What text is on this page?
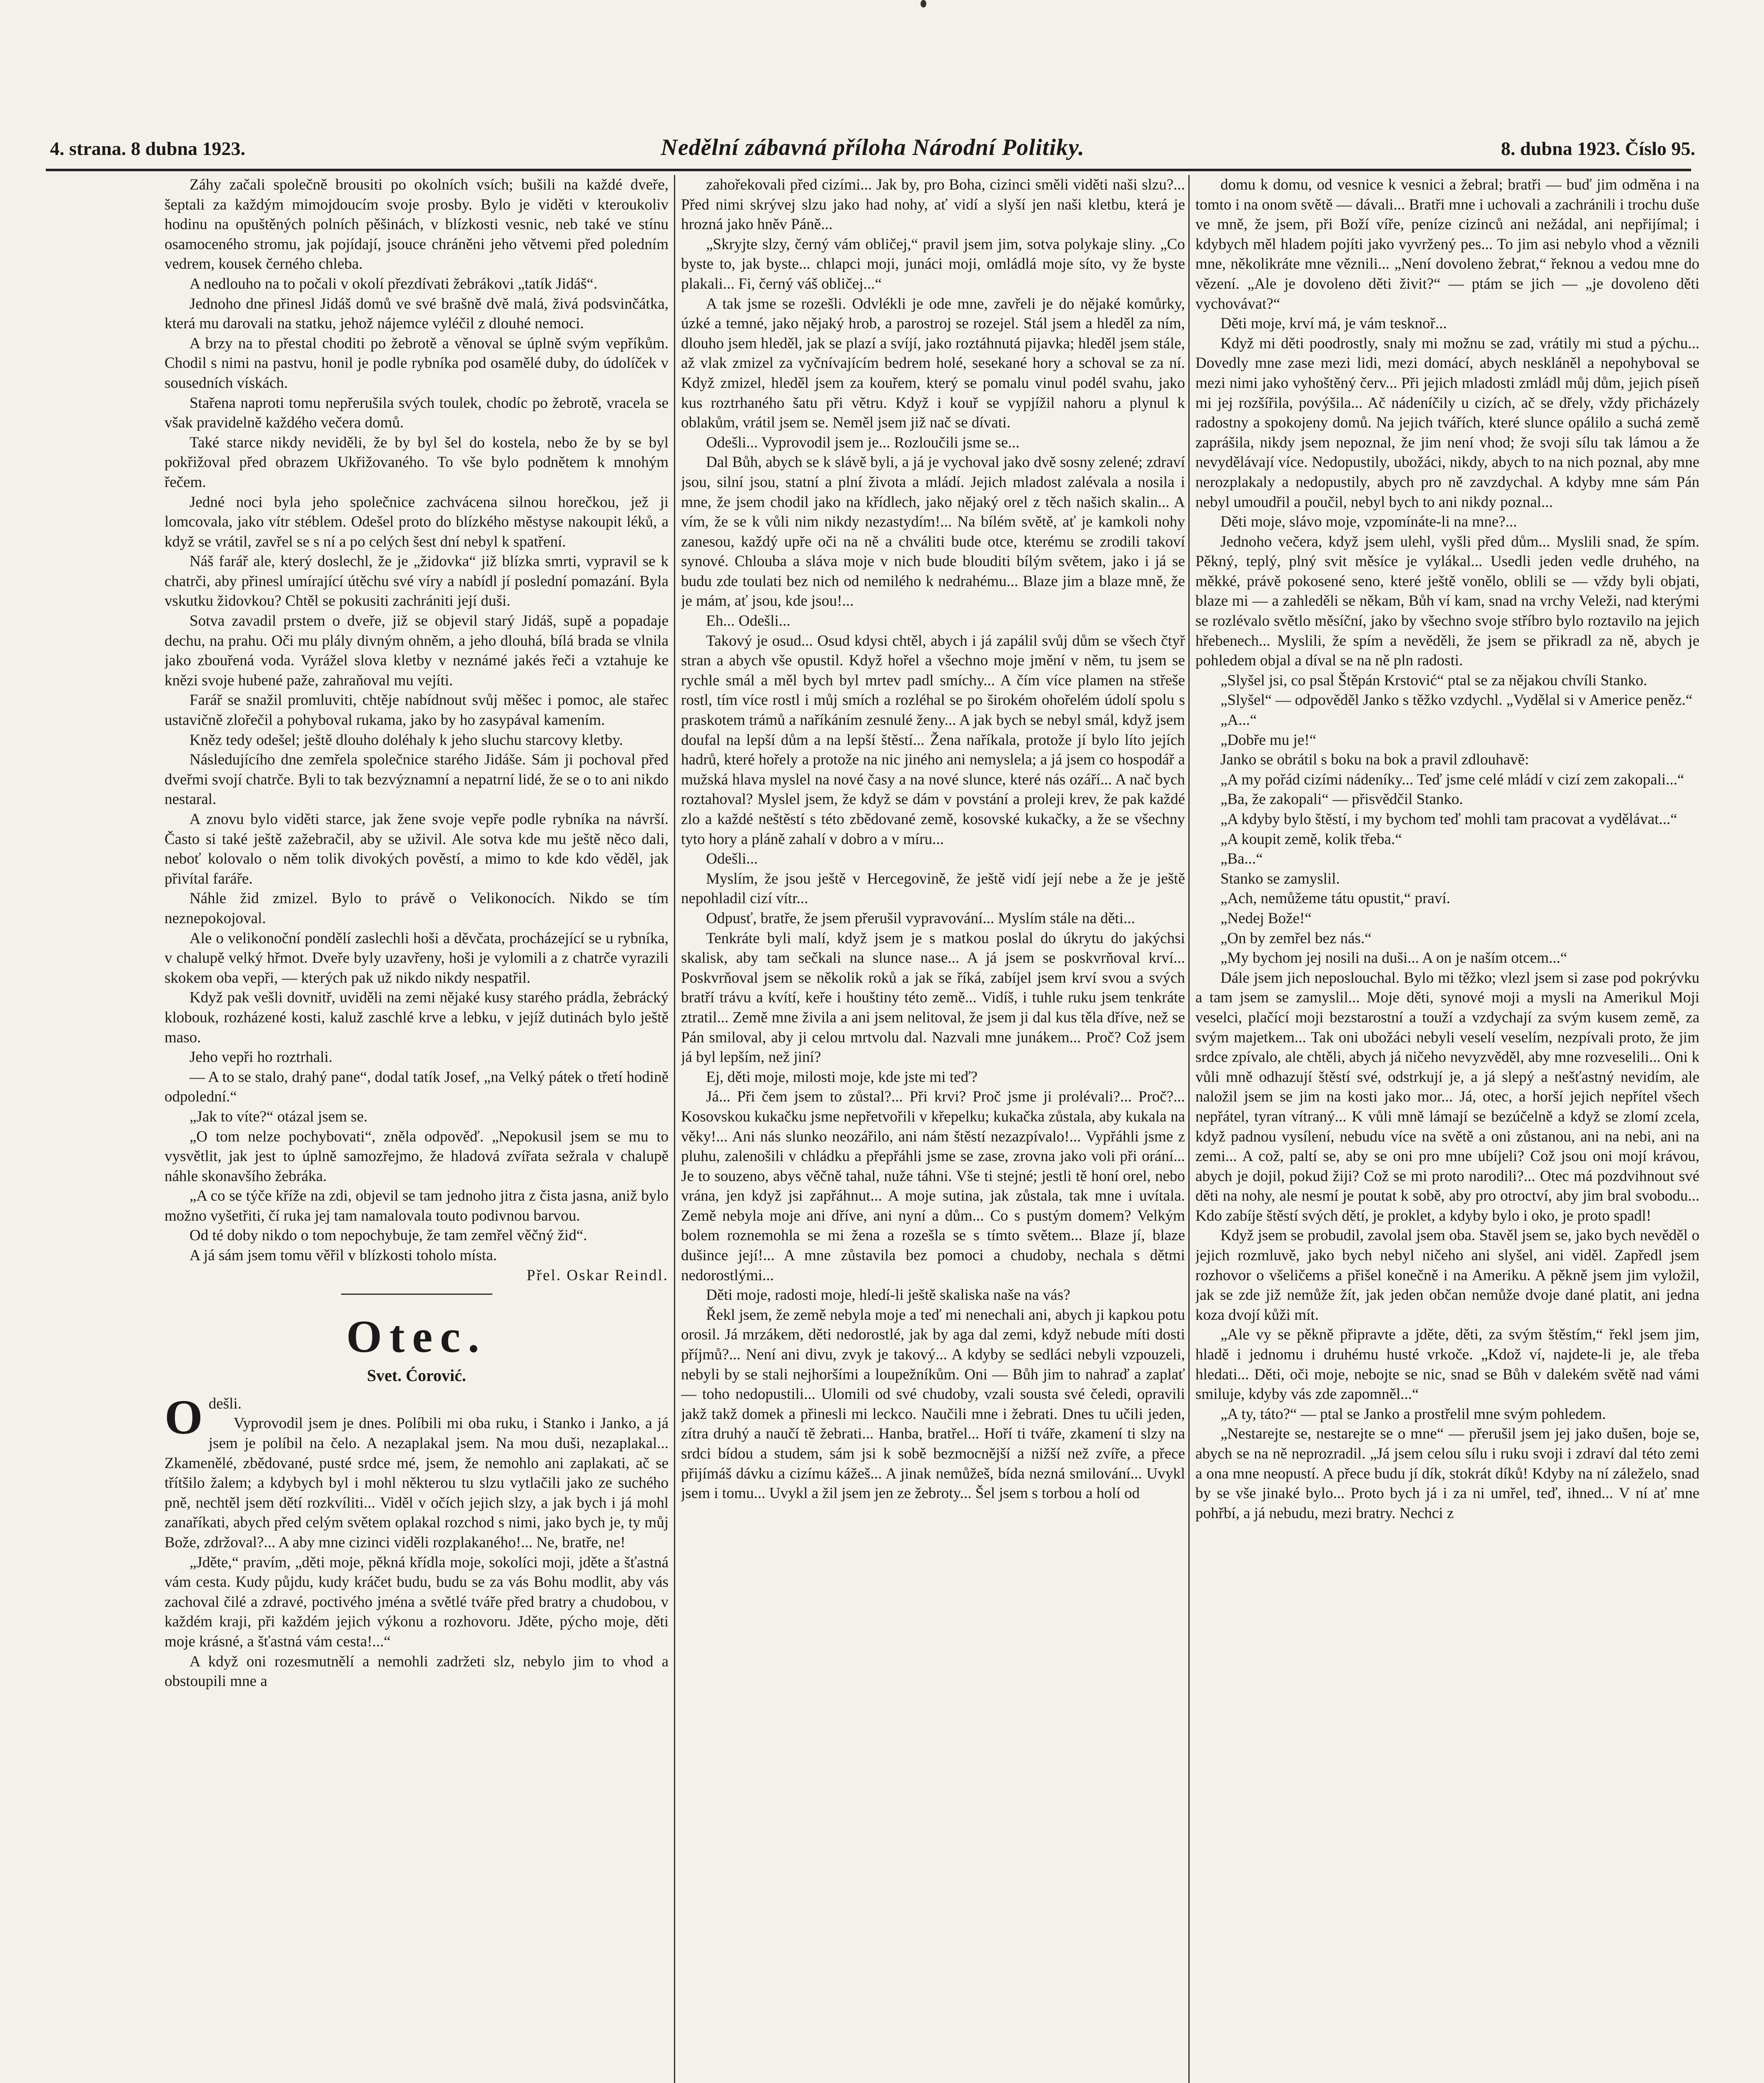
4. strana. 8 dubna 1923.	Nedělní zábavná příloha Národní Politiky.	8. dubna 1923. Číslo 95.

Záhy začali společně brousiti po okolních vsích; bušili na každé dveře, šeptali za každým mimojdoucím svoje prosby. Bylo je viděti v kteroukoliv hodinu na opuštěných polních pěšinách, v blízkosti vesnic, neb také ve stínu osamoceného stromu, jak pojídají, jsouce chráněni jeho větvemi před poledním vedrem, kousek černého chleba.

A nedlouho na to počali v okolí přezdívati žebrákovi „tatík Jidáš“.

Jednoho dne přinesl Jidáš domů ve své brašně dvě malá, živá podsvinčátka, která mu darovali na statku, jehož nájemce vyléčil z dlouhé nemoci.

A brzy na to přestal choditi po žebrotě a věnoval se úplně svým vepříkům. Chodil s nimi na pastvu, honil je podle rybníka pod osamělé duby, do údolíček v sousedních vískách.

Stařena naproti tomu nepřerušila svých toulek, chodíc po žebrotě, vracela se však pravidelně každého večera domů.

Také starce nikdy neviděli, že by byl šel do kostela, nebo že by se byl pokřižoval před obrazem Ukřižovaného. To vše bylo podnětem k mnohým řečem.

Jedné noci byla jeho společnice zachvácena silnou horečkou, jež ji lomcovala, jako vítr stéblem. Odešel proto do blízkého městyse nakoupit léků, a když se vrátil, zavřel se s ní a po celých šest dní nebyl k spatření.

Náš farář ale, který doslechl, že je „židovka“ již blízka smrti, vypravil se k chatrči, aby přinesl umírající útěchu své víry a nabídl jí poslední pomazání. Byla vskutku židovkou? Chtěl se pokusiti zachrániti její duši.

Sotva zavadil prstem o dveře, již se objevil starý Jidáš, supě a popadaje dechu, na prahu. Oči mu plály divným ohněm, a jeho dlouhá, bílá brada se vlnila jako zbouřená voda. Vyrážel slova kletby v neznámé jakés řeči a vztahuje ke knězi svoje hubené paže, zahraňoval mu vejíti.

Farář se snažil promluviti, chtěje nabídnout svůj měšec i pomoc, ale stařec ustavičně zlořečil a pohyboval rukama, jako by ho zasypával kamením.

Kněz tedy odešel; ještě dlouho doléhaly k jeho sluchu starcovy kletby.

Následujícího dne zemřela společnice starého Jidáše. Sám ji pochoval před dveřmi svojí chatrče. Byli to tak bezvýznamní a nepatrní lidé, že se o to ani nikdo nestaral.

A znovu bylo viděti starce, jak žene svoje vepře podle rybníka na návrší. Často si také ještě zažebračil, aby se uživil. Ale sotva kde mu ještě něco dali, neboť kolovalo o něm tolik divokých pověstí, a mimo to kde kdo věděl, jak přivítal faráře.

Náhle žid zmizel. Bylo to právě o Velikonocích. Nikdo se tím neznepokojoval.

Ale o velikonoční pondělí zaslechli hoši a děvčata, procházející se u rybníka, v chalupě velký hřmot. Dveře byly uzavřeny, hoši je vylomili a z chatrče vyrazili skokem oba vepři, — kterých pak už nikdo nikdy nespatřil.

Když pak vešli dovnitř, uviděli na zemi nějaké kusy starého prádla, žebrácký klobouk, rozházené kosti, kaluž zaschlé krve a lebku, v jejíž dutinách bylo ještě maso.

Jeho vepři ho roztrhali.

— A to se stalo, drahý pane“, dodal tatík Josef, „na Velký pátek o třetí hodině odpolední.“

„Jak to víte?“ otázal jsem se.

„O tom nelze pochybovati“, zněla odpověď. „Nepokusil jsem se mu to vysvětlit, jak jest to úplně samozřejmo, že hladová zvířata sežrala v chalupě náhle skonavšího žebráka.

„A co se týče kříže na zdi, objevil se tam jednoho jitra z čista jasna, aniž bylo možno vyšetřiti, čí ruka jej tam namalovala touto podivnou barvou.

Od té doby nikdo o tom nepochybuje, že tam zemřel věčný žid“.

A já sám jsem tomu věřil v blízkosti toholo místa.

Přel. Oskar Reindl.

Otec.
Svet. Ćorović.

Odešli.

Vyprovodil jsem je dnes. Políbili mi oba ruku, i Stanko i Janko, a já jsem je políbil na čelo. A nezaplakal jsem. Na mou duši, nezaplakal... Zkamenělé, zbědované, pusté srdce mé, jsem, že nemohlo ani zaplakati, ač se třítšilo žalem; a kdybych byl i mohl některou tu slzu vytlačili jako ze suchého pně, nechtěl jsem dětí rozkvíliti... Viděl v očích jejich slzy, a jak bych i já mohl zanaříkati, abych před celým světem oplakal rozchod s nimi, jako bych je, ty můj Bože, zdržoval?... A aby mne cizinci viděli rozplakaného!... Ne, bratře, ne!

„Jděte,“ pravím, „děti moje, pěkná křídla moje, sokolíci moji, jděte a šťastná vám cesta. Kudy půjdu, kudy kráčet budu, budu se za vás Bohu modlit, aby vás zachoval čilé a zdravé, poctivého jména a světlé tváře před bratry a chudobou, v každém kraji, při každém jejich výkonu a rozhovoru. Jděte, pýcho moje, děti moje krásné, a šťastná vám cesta!...“

A když oni rozesmutnělí a nemohli zadržeti slz, nebylo jim to vhod a obstoupili mne a

zahořekovali před cizími... Jak by, pro Boha, cizinci směli viděti naši slzu?... Před nimi skrývej slzu jako had nohy, ať vidí a slyší jen naši kletbu, která je hrozná jako hněv Páně...

„Skryjte slzy, černý vám obličej,“ pravil jsem jim, sotva polykaje sliny. „Co byste to, jak byste... chlapci moji, junáci moji, omládlá moje síto, vy že byste plakali... Fi, černý váš obličej...“

A tak jsme se rozešli. Odvlékli je ode mne, zavřeli je do nějaké komůrky, úzké a temné, jako nějaký hrob, a parostroj se rozejel. Stál jsem a hleděl za ním, dlouho jsem hleděl, jak se plazí a svíjí, jako roztáhnutá pijavka; hleděl jsem stále, až vlak zmizel za vyčnívajícím bedrem holé, sesekané hory a schoval se za ní. Když zmizel, hleděl jsem za kouřem, který se pomalu vinul podél svahu, jako kus roztrhaného šatu při větru. Když i kouř se vypjížil nahoru a plynul k oblakům, vrátil jsem se. Neměl jsem již nač se dívati.

Odešli... Vyprovodil jsem je... Rozloučili jsme se...

Dal Bůh, abych se k slávě byli, a já je vychoval jako dvě sosny zelené; zdraví jsou, silní jsou, statní a plní života a mládí. Jejich mladost zalévala a nosila i mne, že jsem chodil jako na křídlech, jako nějaký orel z těch našich skalin... A vím, že se k vůli nim nikdy nezastydím!... Na bílém světě, ať je kamkoli nohy zanesou, každý upře oči na ně a chváliti bude otce, kterému se zrodili takoví synové. Chlouba a sláva moje v nich bude blouditi bílým světem, jako i já se budu zde toulati bez nich od nemilého k nedrahému... Blaze jim a blaze mně, že je mám, ať jsou, kde jsou!...

Eh... Odešli...

Takový je osud... Osud kdysi chtěl, abych i já zapálil svůj dům se všech čtyř stran a abych vše opustil. Když hořel a všechno moje jmění v něm, tu jsem se rychle smál a měl bych byl mrtev padl smíchy... A čím více plamen na střeše rostl, tím více rostl i můj smích a rozléhal se po širokém ohořelém údolí spolu s praskotem trámů a naříkáním zesnulé ženy... A jak bych se nebyl smál, když jsem doufal na lepší dům a na lepší štěstí... Žena naříkala, protože jí bylo líto jejích hadrů, které hořely a protože na nic jiného ani nemyslela; a já jsem co hospodář a mužská hlava myslel na nové časy a na nové slunce, které nás ozáří... A nač bych roztahoval? Myslel jsem, že když se dám v povstání a proleji krev, že pak každé zlo a každé neštěstí s této zbědované země, kosovské kukačky, a že se všechny tyto hory a pláně zahalí v dobro a v míru...

Odešli...

Myslím, že jsou ještě v Hercegovině, že ještě vidí její nebe a že je ještě nepohladil cizí vítr...

Odpusť, bratře, že jsem přerušil vypravování... Myslím stále na děti...

Tenkráte byli malí, když jsem je s matkou poslal do úkrytu do jakýchsi skalisk, aby tam sečkali na slunce nase... A já jsem se poskvrňoval krví... Poskvrňoval jsem se několik roků a jak se říká, zabíjel jsem krví svou a svých bratří trávu a kvítí, keře i houštiny této země... Vidíš, i tuhle ruku jsem tenkráte ztratil... Země mne živila a ani jsem nelitoval, že jsem ji dal kus těla dříve, než se Pán smiloval, aby ji celou mrtvolu dal. Nazvali mne junákem... Proč? Což jsem já byl lepším, než jiní?

Ej, děti moje, milosti moje, kde jste mi teď?

Já... Při čem jsem to zůstal?... Při krvi? Proč jsme ji prolévali?... Proč?... Kosovskou kukačku jsme nepřetvořili v křepelku; kukačka zůstala, aby kukala na věky!... Ani nás slunko neozářilo, ani nám štěstí nezazpívalo!... Vypřáhli jsme z pluhu, zalenošili v chládku a přepřáhli jsme se zase, zrovna jako voli při orání... Je to souzeno, abys věčně tahal, nuže táhni. Vše ti stejné; jestli tě honí orel, nebo vrána, jen když jsi zapřáhnut... A moje sutina, jak zůstala, tak mne i uvítala. Země nebyla moje ani dříve, ani nyní a dům... Co s pustým domem? Velkým bolem roznemohla se mi žena a rozešla se s tímto světem... Blaze jí, blaze dušince její!... A mne zůstavila bez pomoci a chudoby, nechala s dětmi nedorostlými...

Děti moje, radosti moje, hledí-li ještě skaliska naše na vás?

Řekl jsem, že země nebyla moje a teď mi nenechali ani, abych ji kapkou potu orosil. Já mrzákem, děti nedorostlé, jak by aga dal zemi, když nebude míti dosti příjmů?... Není ani divu, zvyk je takový... A kdyby se sedláci nebyli vzpouzeli, nebyli by se stali nejhoršími a loupežníkům. Oni — Bůh jim to nahraď a zaplať — toho nedopustili... Ulomili od své chudoby, vzali sousta své čeledi, opravili jakž takž domek a přinesli mi leckco. Naučili mne i žebrati. Dnes tu učili jeden, zítra druhý a naučí tě žebrati... Hanba, bratřel... Hoří ti tváře, zkamení ti slzy na srdci bídou a studem, sám jsi k sobě bezmocnější a nižší než zvíře, a přece přijímáš dávku a cizímu kážeš... A jinak nemůžeš, bída nezná smilování... Uvykl jsem i tomu... Uvykl a žil jsem jen ze žebroty... Šel jsem s torbou a holí od

domu k domu, od vesnice k vesnici a žebral; bratři — buď jim odměna i na tomto i na onom světě — dávali... Bratři mne i uchovali a zachránili i trochu duše ve mně, že jsem, při Boží víře, peníze cizinců ani nežádal, ani nepřijímal; i kdybych měl hladem pojíti jako vyvržený pes... To jim asi nebylo vhod a věznili mne, několikráte mne věznili... „Není dovoleno žebrat,“ řeknou a vedou mne do vězení. „Ale je dovoleno děti živit?“ — ptám se jich — „je dovoleno děti vychovávat?“

Děti moje, krví má, je vám tesknoř...

Když mi děti poodrostly, snaly mi možnu se zad, vrátily mi stud a pýchu... Dovedly mne zase mezi lidi, mezi domácí, abych neskláněl a nepohyboval se mezi nimi jako vyhoštěný červ... Při jejich mladosti zmládl můj dům, jejich píseň mi jej rozšířila, povýšila... Ač nádeníčily u cizích, ač se dřely, vždy přicházely radostny a spokojeny domů. Na jejich tvářích, které slunce opálilo a suchá země zaprášila, nikdy jsem nepoznal, že jim není vhod; že svoji sílu tak lámou a že nevydělávají více. Nedopustily, ubožáci, nikdy, abych to na nich poznal, aby mne nerozplakaly a nedopustily, abych pro ně zavzdychal. A kdyby mne sám Pán nebyl umoudřil a poučil, nebyl bych to ani nikdy poznal...

Děti moje, slávo moje, vzpomínáte-li na mne?...

Jednoho večera, když jsem ulehl, vyšli před dům... Myslili snad, že spím. Pěkný, teplý, plný svit měsíce je vylákal... Usedli jeden vedle druhého, na měkké, právě pokosené seno, které ještě vonělo, oblili se — vždy byli objati, blaze mi — a zahleděli se někam, Bůh ví kam, snad na vrchy Veleži, nad kterými se rozlévalo světlo měsíční, jako by všechno svoje stříbro bylo roztavilo na jejich hřebenech... Myslili, že spím a nevěděli, že jsem se přikradl za ně, abych je pohledem objal a díval se na ně pln radosti.

„Slyšel jsi, co psal Štěpán Krstović“ ptal se za nějakou chvíli Stanko.

„Slyšel“ — odpověděl Janko s těžko vzdychl. „Vydělal si v Americe peněz.“

„A...“

„Dobře mu je!“

Janko se obrátil s boku na bok a pravil zdlouhavě:

„A my pořád cizími nádeníky... Teď jsme celé mládí v cizí zem zakopali...“

„Ba, že zakopali“ — přisvědčil Stanko.

„A kdyby bylo štěstí, i my bychom teď mohli tam pracovat a vydělávat...“

„A koupit země, kolik třeba.“

„Ba...“

Stanko se zamyslil.

„Ach, nemůžeme tátu opustit,“ praví.

„Nedej Bože!“

„On by zemřel bez nás.“

„My bychom jej nosili na duši... A on je naším otcem...“

Dále jsem jich neposlouchal. Bylo mi těžko; vlezl jsem si zase pod pokrývku a tam jsem se zamyslil... Moje děti, synové moji a mysli na Amerikul Moji veselci, plačící moji bezstarostní a touží a vzdychají za svým kusem země, za svým majetkem... Tak oni ubožáci nebyli veselí veselím, nezpívali proto, že jim srdce zpívalo, ale chtěli, abych já ničeho nevyzvěděl, aby mne rozveselili... Oni k vůli mně odhazují štěstí své, odstrkují je, a já slepý a nešťastný nevidím, ale naložil jsem se jim na kosti jako mor... Já, otec, a horší jejich nepřítel všech nepřátel, tyran vítraný... K vůli mně lámají se bezúčelně a když se zlomí zcela, když padnou vysílení, nebudu více na světě a oni zůstanou, ani na nebi, ani na zemi... A což, paltí se, aby se oni pro mne ubíjeli? Což jsou oni mojí krávou, abych je dojil, pokud žiji? Což se mi proto narodili?... Otec má pozdvihnout své děti na nohy, ale nesmí je poutat k sobě, aby pro otroctví, aby jim bral svobodu... Kdo zabíje štěstí svých dětí, je proklet, a kdyby bylo i oko, je proto spadl!

Když jsem se probudil, zavolal jsem oba. Stavěl jsem se, jako bych nevěděl o jejich rozmluvě, jako bych nebyl ničeho ani slyšel, ani viděl. Zapředl jsem rozhovor o všeličems a přišel konečně i na Ameriku. A pěkně jsem jim vyložil, jak se zde již nemůže žít, jak jeden občan nemůže dvoje dané platit, ani jedna koza dvojí kůži mít.

„Ale vy se pěkně připravte a jděte, děti, za svým štěstím,“ řekl jsem jim, hladě i jednomu i druhému husté vrkoče. „Kdož ví, najdete-li je, ale třeba hledati... Děti, oči moje, nebojte se nic, snad se Bůh v dalekém světě nad vámi smiluje, kdyby vás zde zapomněl...“

„A ty, táto?“ — ptal se Janko a prostřelil mne svým pohledem.

„Nestarejte se, nestarejte se o mne“ — přerušil jsem jej jako dušen, boje se, abych se na ně neprozradil. „Já jsem celou sílu i ruku svoji i zdraví dal této zemi a ona mne neopustí. A přece budu jí dík, stokrát díků! Kdyby na ní záleželo, snad by se vše jinaké bylo... Proto bych já i za ni umřel, teď, ihned... V ní ať mne pohřbí, a já nebudu, mezi bratry. Nechci z
